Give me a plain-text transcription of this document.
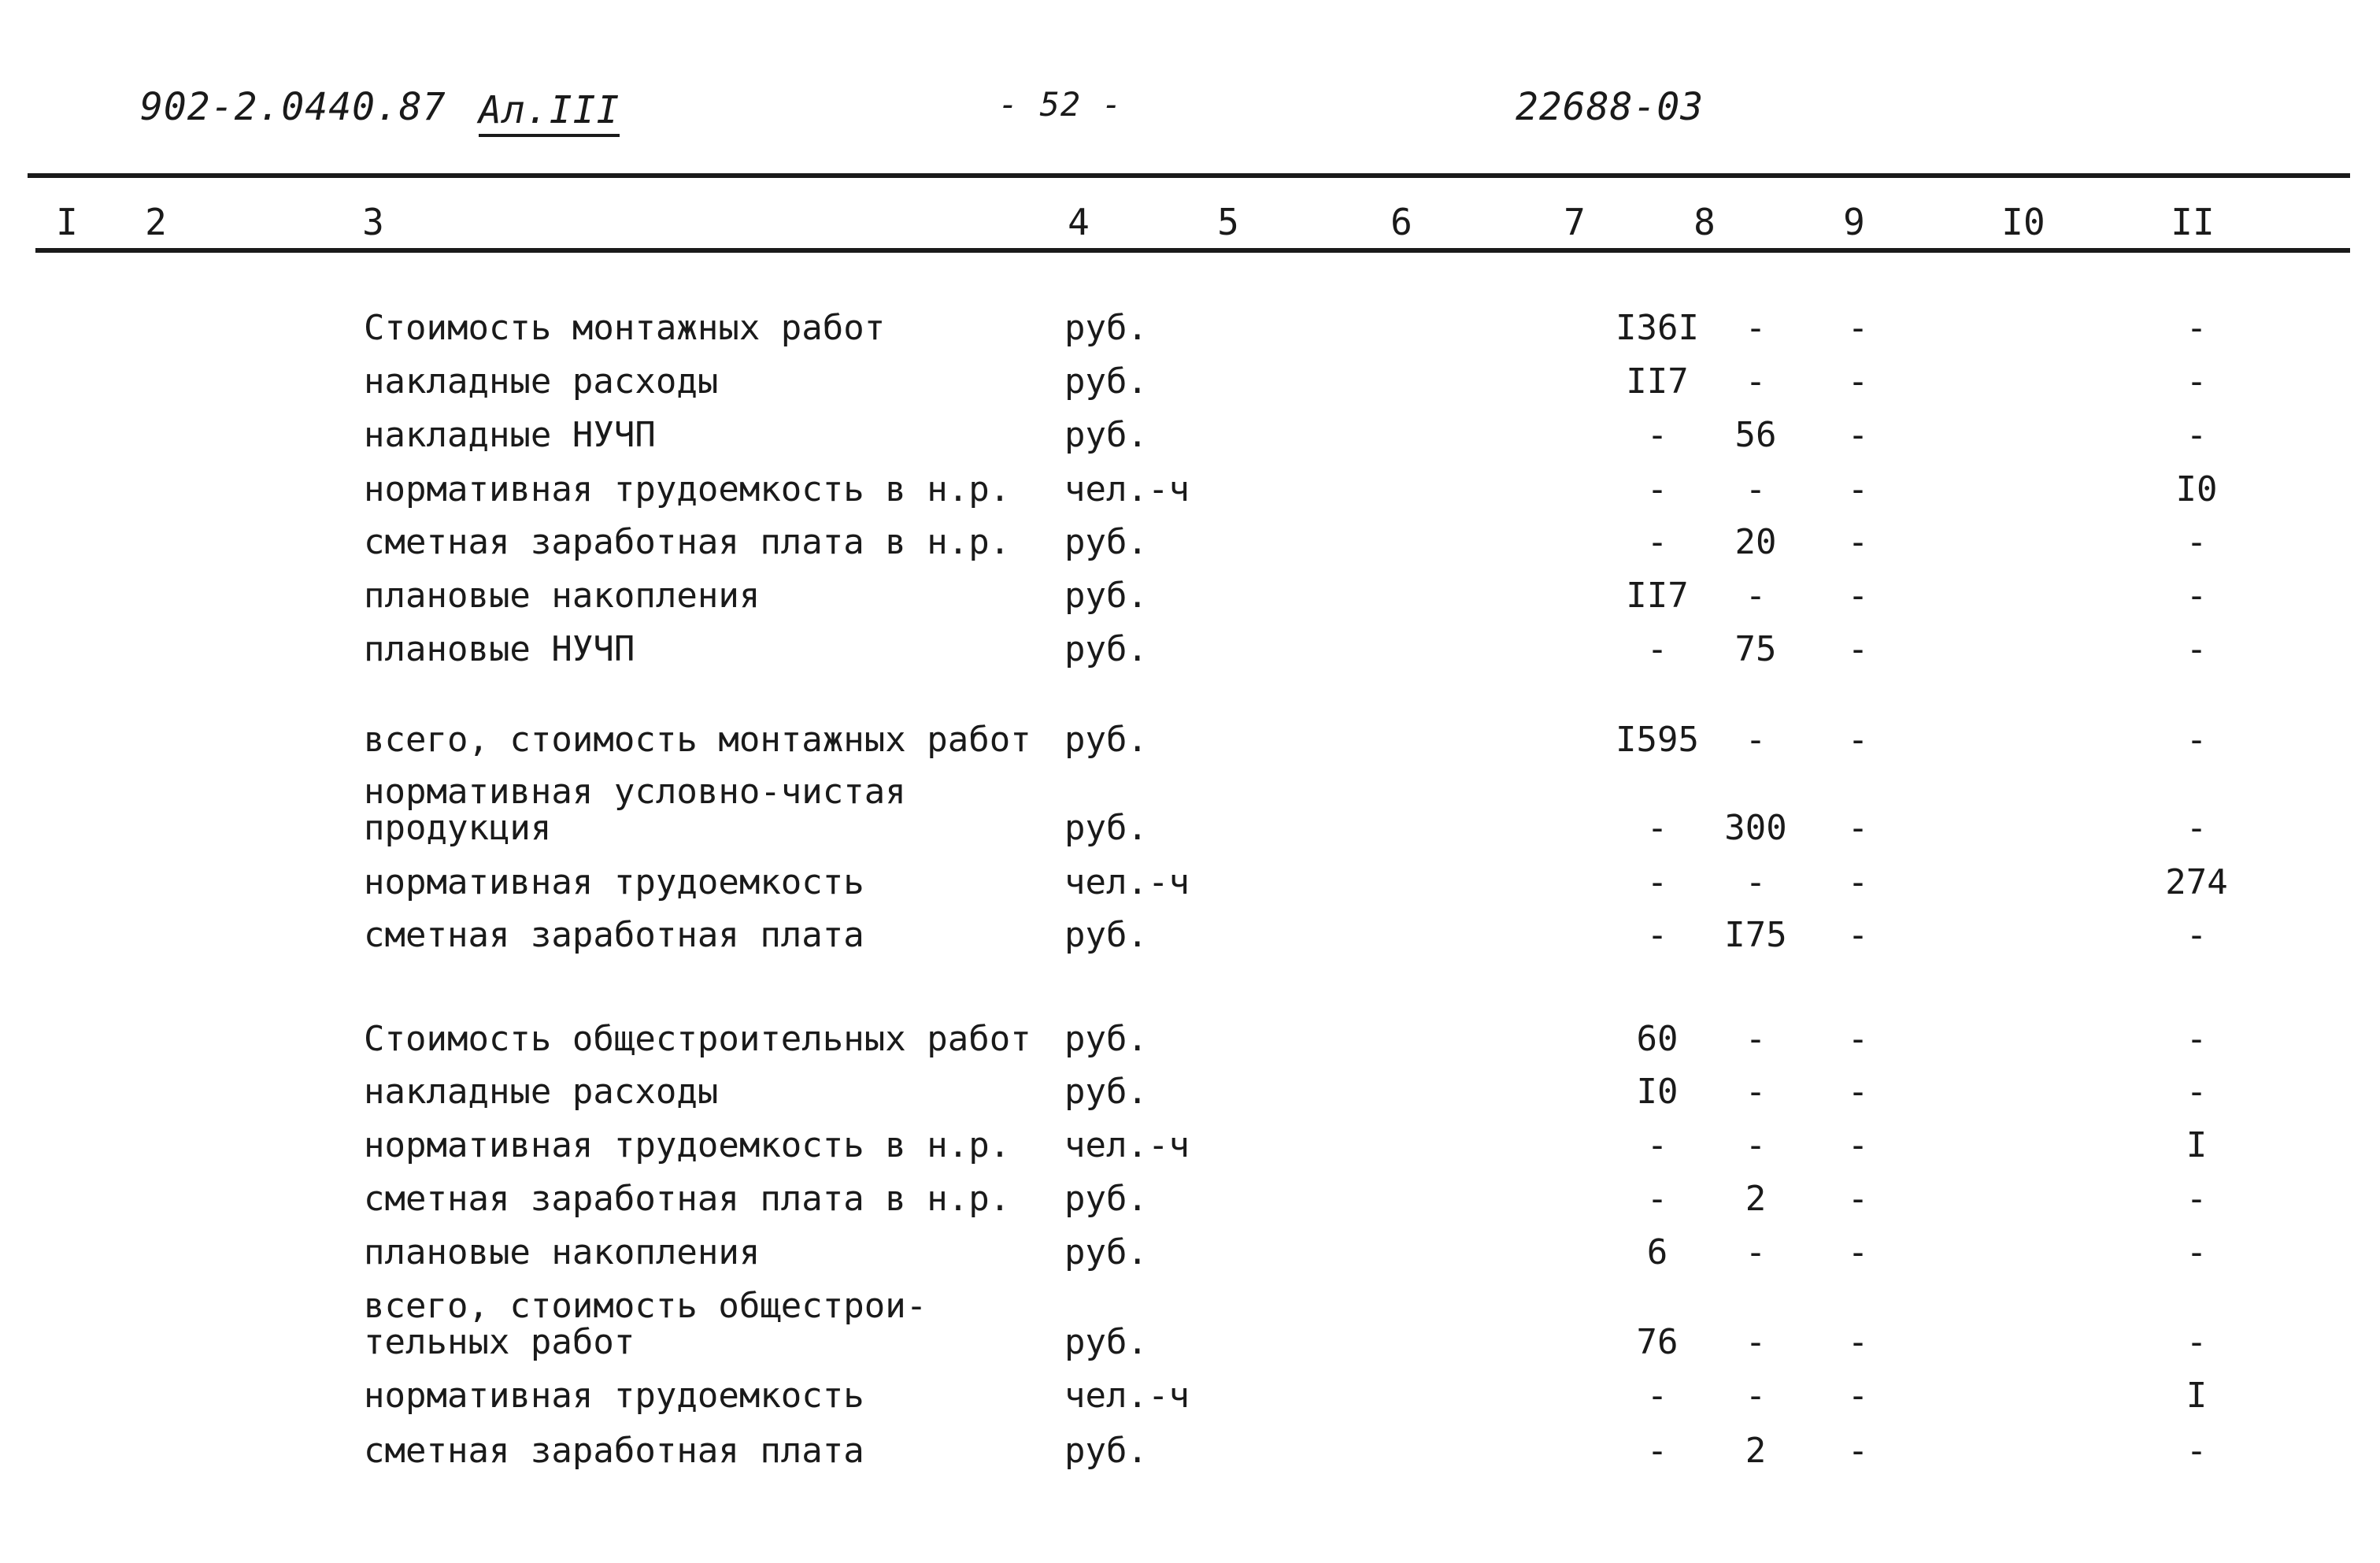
902-2.0440.87 Ал.III	- 52 -	22688-03
I 2	3	4	5	6	7	8	9	I0	II
Стоимость монтажных работ	руб.	I36I	-	-	-
накладные расходы	руб.	II7	-	-	-
накладные НУЧП	руб.	-	56	-	-
нормативная трудоемкость в н.р.	чел.-ч	-	-	-	I0
сметная заработная плата в н.р.	руб.	-	20	-	-
плановые накопления	руб.	II7	-	-	-
плановые НУЧП	руб.	-	75	-	-
всего, стоимость монтажных работ руб.	I595	-	-	-
нормативная условно-чистая продукция	руб.	-	300	-	-
нормативная трудоемкость	чел.-ч	-	-	-	274
сметная заработная плата	руб.	-	I75	-	-
Стоимость общестроительных работ руб.	60	-	-	-
накладные расходы	руб.	I0	-	-	-
нормативная трудоемкость в н.р.	чел.-ч	-	-	-	I
сметная заработная плата в н.р.	руб.	-	2	-	-
плановые накопления	руб.	6	-	-	-
всего, стоимость общестрои- тельных работ	руб.	76	-	-	-
нормативная трудоемкость	чел.-ч	-	-	-	I
сметная заработная плата	руб.	-	2	-	-
